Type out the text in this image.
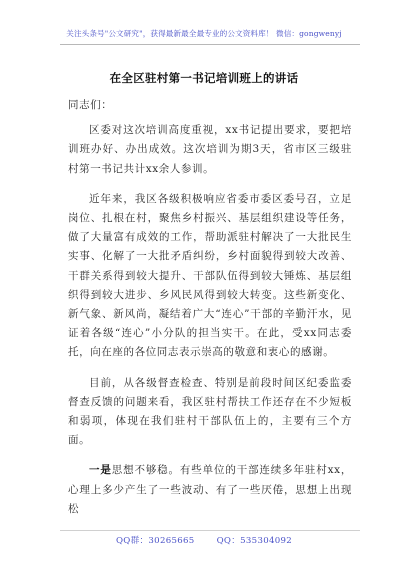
关注头条号"公文研究"，获得最新最全最专业的公文资料库！ 微信：gongwenyj
在全区驻村第一书记培训班上的讲话

同志们：

区委对这次培训高度重视，xx书记提出要求，要把培训班办好、办出成效。这次培训为期3天，省市区三级驻村第一书记共计xx余人参训。

近年来，我区各级积极响应省委市委区委号召，立足岗位、扎根在村，聚焦乡村振兴、基层组织建设等任务，做了大量富有成效的工作，帮助派驻村解决了一大批民生实事、化解了一大批矛盾纠纷，乡村面貌得到较大改善、干群关系得到较大提升、干部队伍得到较大锤炼、基层组织得到较大进步、乡风民风得到较大转变。这些新变化、新气象、新风尚，凝结着广大“连心”干部的辛勤汗水，见证着各级“连心”小分队的担当实干。在此，受xx同志委托，向在座的各位同志表示崇高的敬意和衷心的感谢。

目前，从各级督查检查、特别是前段时间区纪委监委督查反馈的问题来看，我区驻村帮扶工作还存在不少短板和弱项，体现在我们驻村干部队伍上的，主要有三个方面。

一是思想不够稳。有些单位的干部连续多年驻村xx，心理上多少产生了一些波动、有了一些厌倦，思想上出现松

QQ群：30265665	QQ：535304092
